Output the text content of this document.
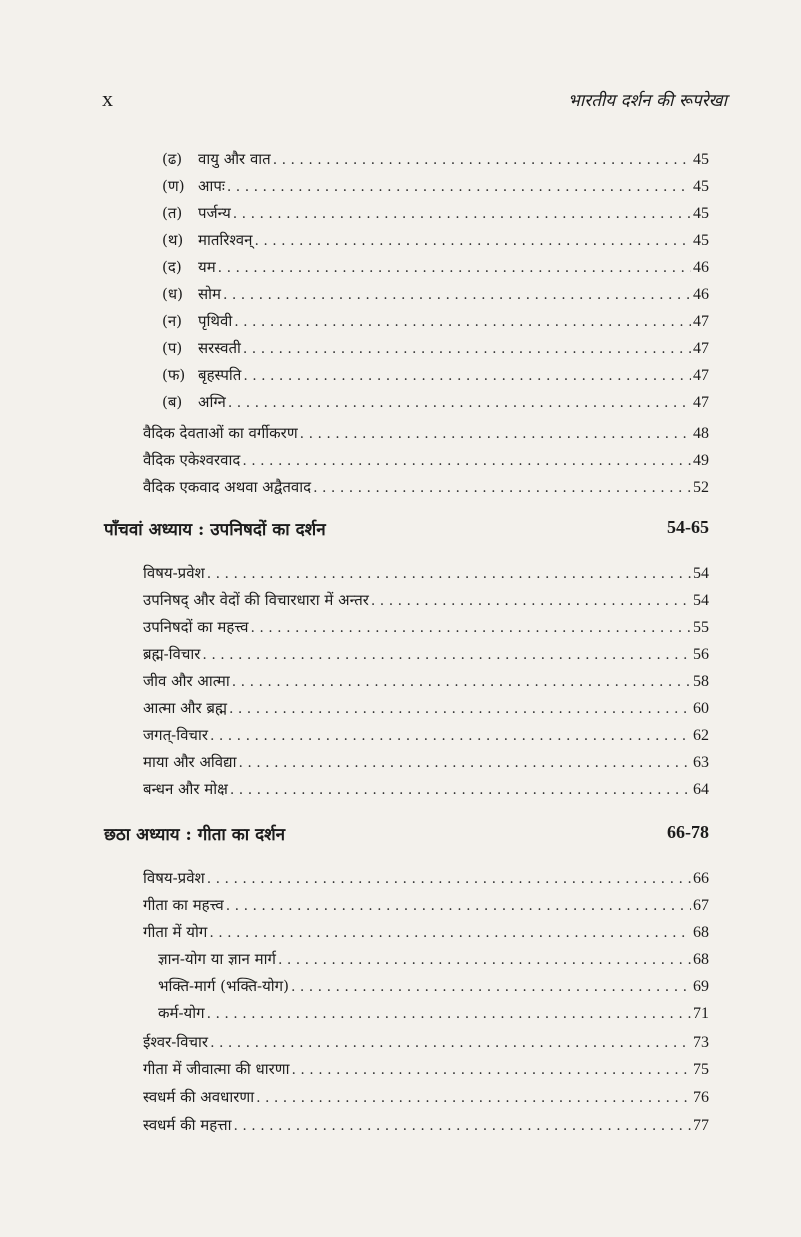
x	भारतीय दर्शन की रूपरेखा
(ढ) वायु और वात . . .	45
(ण) आपः . . .	45
(त) पर्जन्य . . .	45
(थ) मातरिश्वन् . . .	45
(द) यम . . .	46
(ध) सोम . . .	46
(न) पृथिवी . . .	47
(प) सरस्वती . . .	47
(फ) बृहस्पति . . .	47
(ब) अग्नि . . .	47
वैदिक देवताओं का वर्गीकरण . . .	48
वैदिक एकेश्वरवाद . . .	49
वैदिक एकवाद अथवा अद्वैतवाद . . .	52
पाँचवां अध्याय : उपनिषदों का दर्शन	54-65
विषय-प्रवेश . . .	54
उपनिषद् और वेदों की विचारधारा में अन्तर . . .	54
उपनिषदों का महत्त्व . . .	55
ब्रह्म-विचार . . .	56
जीव और आत्मा . . .	58
आत्मा और ब्रह्म . . .	60
जगत्-विचार . . .	62
माया और अविद्या . . .	63
बन्धन और मोक्ष . . .	64
छठा अध्याय : गीता का दर्शन	66-78
विषय-प्रवेश . . .	66
गीता का महत्त्व . . .	67
गीता में योग . . .	68
ज्ञान-योग या ज्ञान मार्ग . . .	68
भक्ति-मार्ग (भक्ति-योग) . . .	69
कर्म-योग . . .	71
ईश्वर-विचार . . .	73
गीता में जीवात्मा की धारणा . . .	75
स्वधर्म की अवधारणा . . .	76
स्वधर्म की महत्ता . . .	77
